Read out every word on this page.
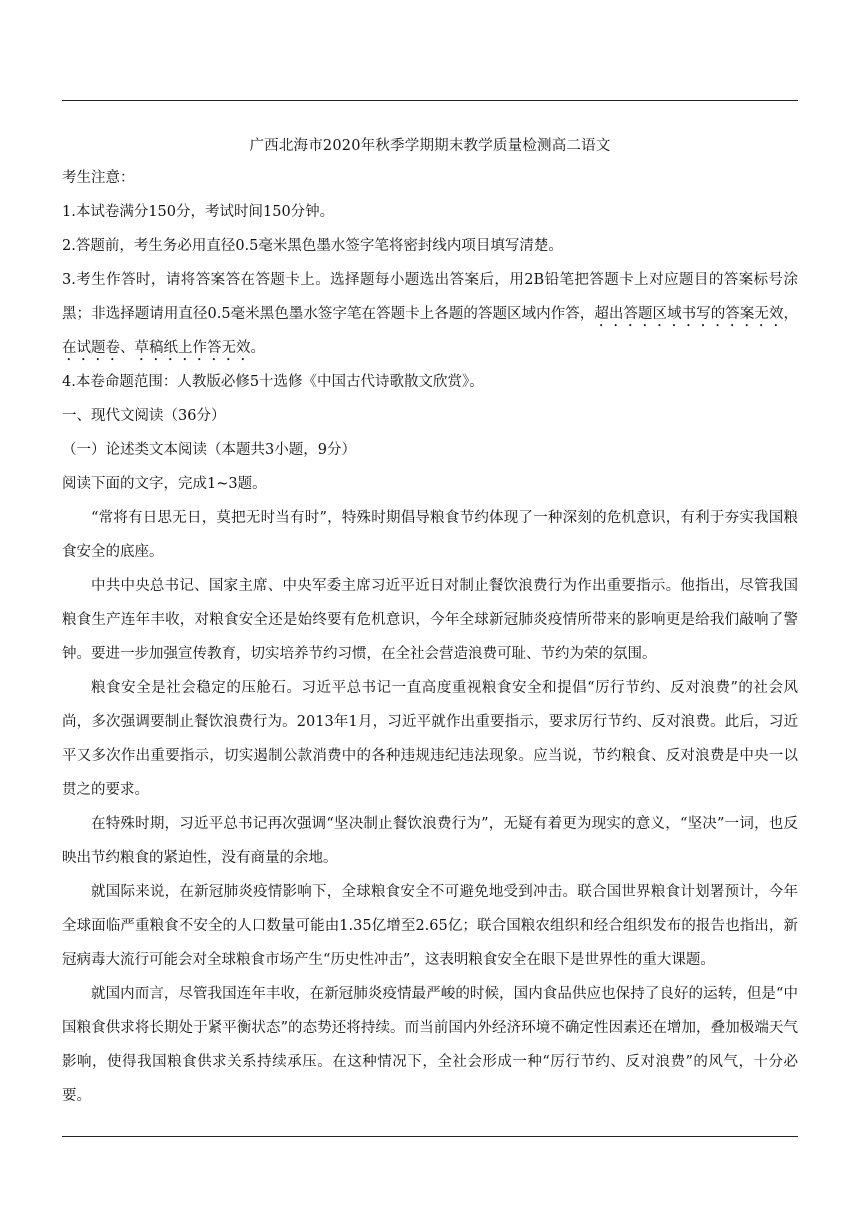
广西北海市2020年秋季学期期末教学质量检测高二语文

考生注意：

1.本试卷满分150分，考试时间150分钟。

2.答题前，考生务必用直径0.5毫米黑色墨水签字笔将密封线内项目填写清楚。

3.考生作答时，请将答案答在答题卡上。选择题每小题选出答案后，用2B铅笔把答题卡上对应题目的答案标号涂黑；非选择题请用直径0.5毫米黑色墨水签字笔在答题卡上各题的答题区域内作答，超出答题区域书写的答案无效，在试题卷、草稿纸上作答无效。

4.本卷命题范围：人教版必修5十选修《中国古代诗歌散文欣赏》。

一、现代文阅读（36分）

（一）论述类文本阅读（本题共3小题，9分）

阅读下面的文字，完成1~3题。

“常将有日思无日，莫把无时当有时”，特殊时期倡导粮食节约体现了一种深刻的危机意识，有利于夯实我国粮食安全的底座。

中共中央总书记、国家主席、中央军委主席习近平近日对制止餐饮浪费行为作出重要指示。他指出，尽管我国粮食生产连年丰收，对粮食安全还是始终要有危机意识，今年全球新冠肺炎疫情所带来的影响更是给我们敲响了警钟。要进一步加强宣传教育，切实培养节约习惯，在全社会营造浪费可耻、节约为荣的氛围。

粮食安全是社会稳定的压舱石。习近平总书记一直高度重视粮食安全和提倡“厉行节约、反对浪费”的社会风尚，多次强调要制止餐饮浪费行为。2013年1月，习近平就作出重要指示，要求厉行节约、反对浪费。此后，习近平又多次作出重要指示，切实遏制公款消费中的各种违规违纪违法现象。应当说，节约粮食、反对浪费是中央一以贯之的要求。

在特殊时期，习近平总书记再次强调“坚决制止餐饮浪费行为”，无疑有着更为现实的意义，“坚决”一词，也反映出节约粮食的紧迫性，没有商量的余地。

就国际来说，在新冠肺炎疫情影响下，全球粮食安全不可避免地受到冲击。联合国世界粮食计划署预计，今年全球面临严重粮食不安全的人口数量可能由1.35亿增至2.65亿；联合国粮农组织和经合组织发布的报告也指出，新冠病毒大流行可能会对全球粮食市场产生“历史性冲击”，这表明粮食安全在眼下是世界性的重大课题。

就国内而言，尽管我国连年丰收，在新冠肺炎疫情最严峻的时候，国内食品供应也保持了良好的运转，但是“中国粮食供求将长期处于紧平衡状态”的态势还将持续。而当前国内外经济环境不确定性因素还在增加，叠加极端天气影响，使得我国粮食供求关系持续承压。在这种情况下，全社会形成一种“厉行节约、反对浪费”的风气，十分必要。
